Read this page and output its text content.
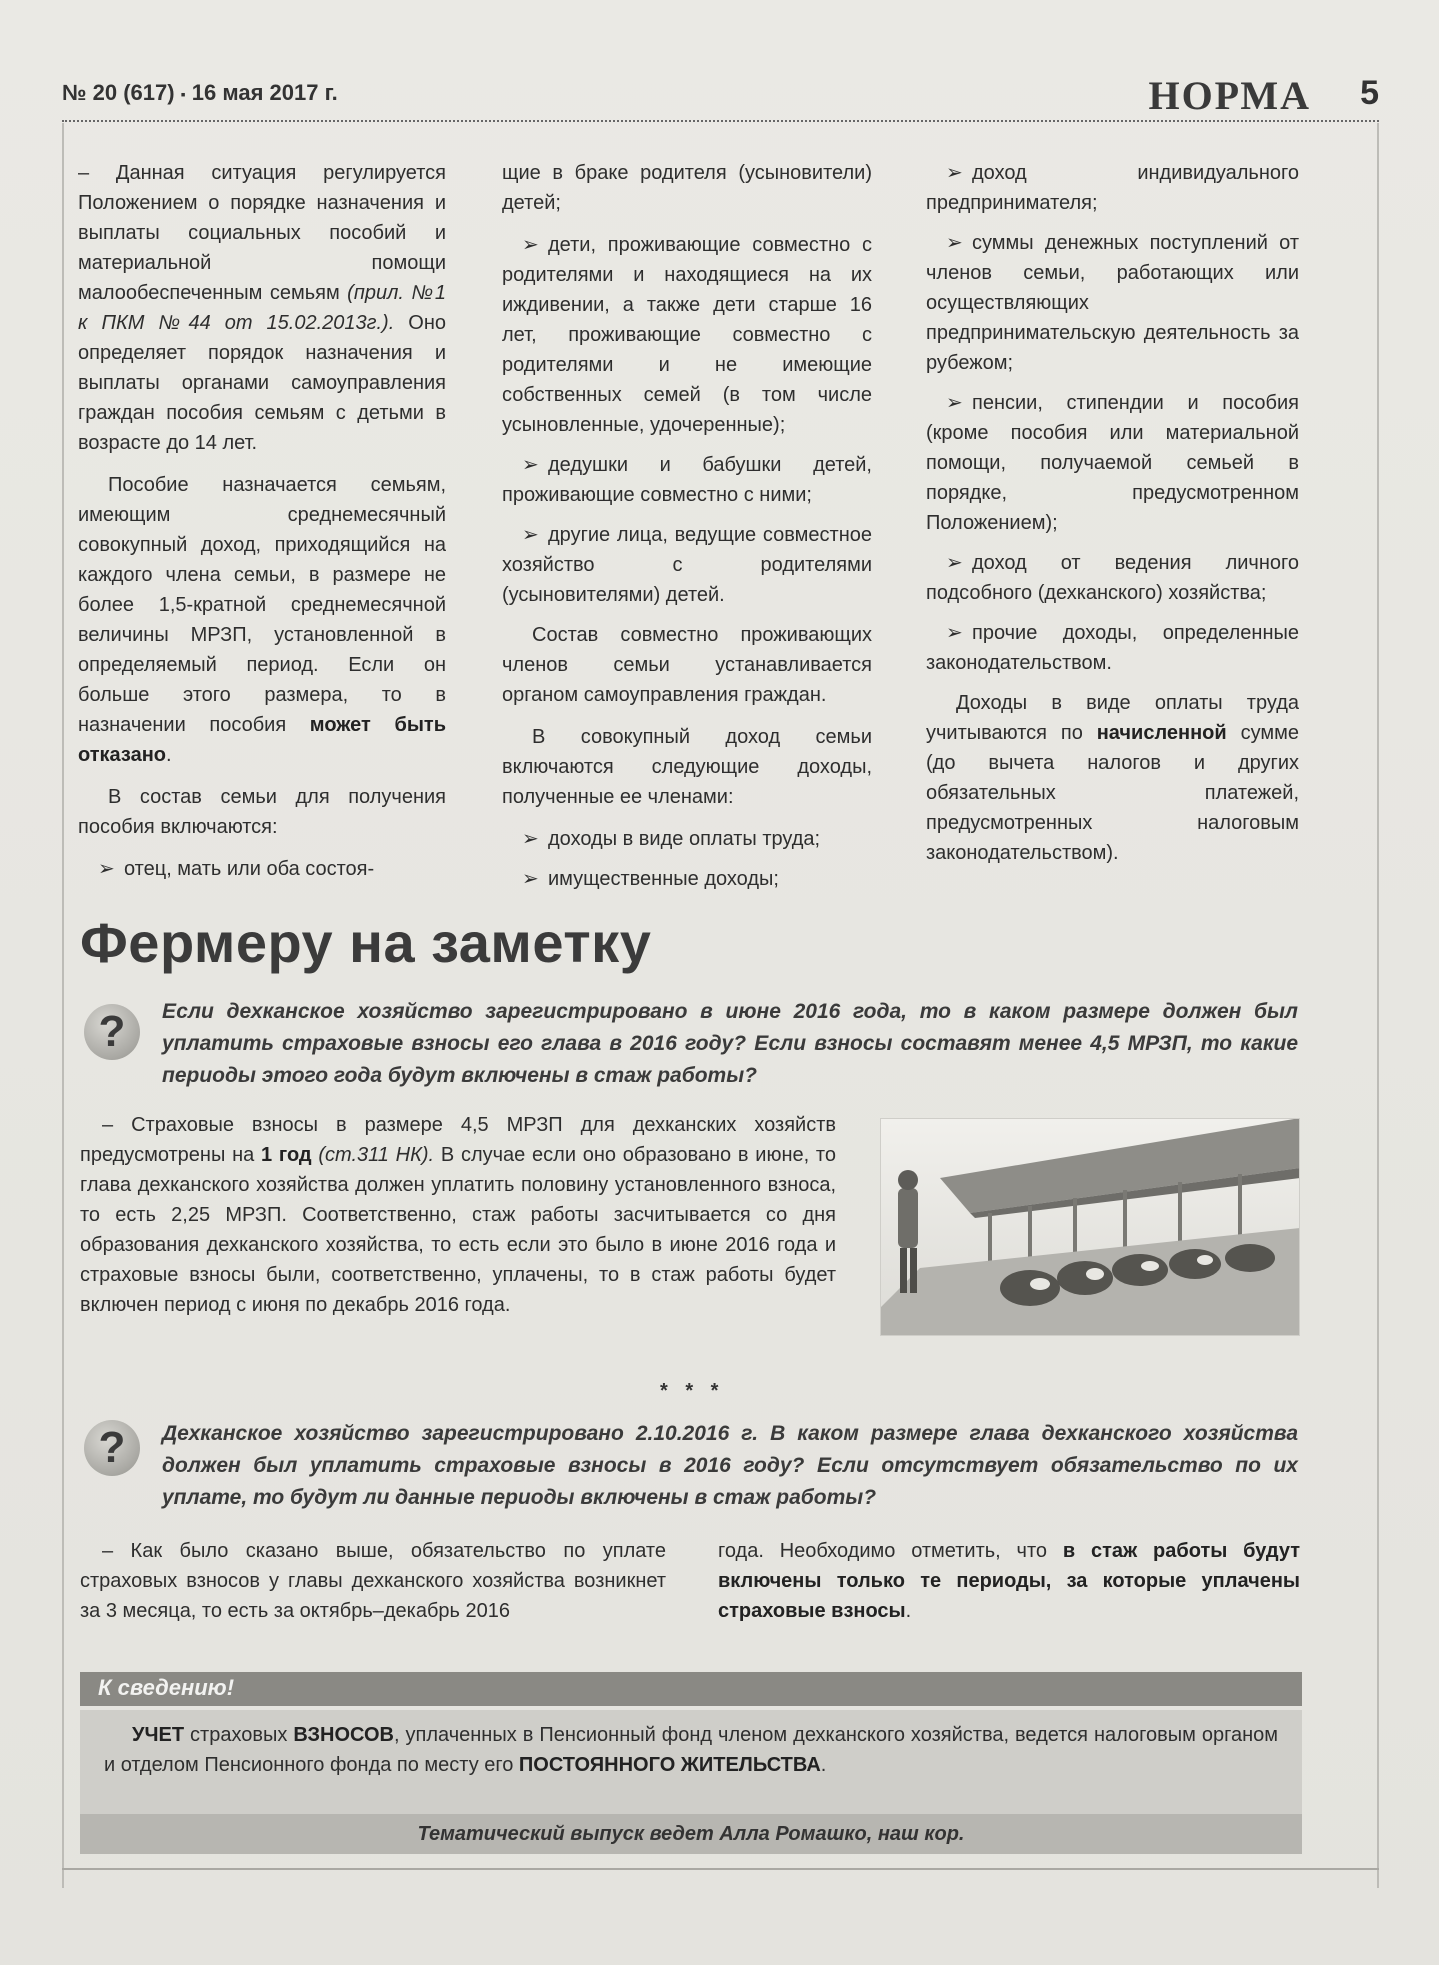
№ 20 (617) ▪ 16 мая 2017 г.	НОРМА 5

– Данная ситуация регулируется Положением о порядке назначения и выплаты социальных пособий и материальной помощи малообеспеченным семьям (прил. №1 к ПКМ №44 от 15.02.2013г.). Оно определяет порядок назначения и выплаты органами самоуправления граждан пособия семьям с детьми в возрасте до 14 лет.

Пособие назначается семьям, имеющим среднемесячный совокупный доход, приходящийся на каждого члена семьи, в размере не более 1,5-кратной среднемесячной величины МРЗП, установленной в определяемый период. Если он больше этого размера, то в назначении пособия может быть отказано.

В состав семьи для получения пособия включаются:

➢ отец, мать или оба состоя-

щие в браке родителя (усыновители) детей;

➢ дети, проживающие совместно с родителями и находящиеся на их иждивении, а также дети старше 16 лет, проживающие совместно с родителями и не имеющие собственных семей (в том числе усыновленные, удочеренные);

➢ дедушки и бабушки детей, проживающие совместно с ними;

➢ другие лица, ведущие совместное хозяйство с родителями (усыновителями) детей.

Состав совместно проживающих членов семьи устанавливается органом самоуправления граждан.

В совокупный доход семьи включаются следующие доходы, полученные ее членами:

➢ доходы в виде оплаты труда;

➢ имущественные доходы;

➢ доход индивидуального предпринимателя;

➢ суммы денежных поступлений от членов семьи, работающих или осуществляющих предпринимательскую деятельность за рубежом;

➢ пенсии, стипендии и пособия (кроме пособия или материальной помощи, получаемой семьей в порядке, предусмотренном Положением);

➢ доход от ведения личного подсобного (дехканского) хозяйства;

➢ прочие доходы, определенные законодательством.

Доходы в виде оплаты труда учитываются по начисленной сумме (до вычета налогов и других обязательных платежей, предусмотренных налоговым законодательством).

Фермеру на заметку
?	Если дехканское хозяйство зарегистрировано в июне 2016 года, то в каком размере должен был уплатить страховые взносы его глава в 2016 году? Если взносы составят менее 4,5 МРЗП, то какие периоды этого года будут включены в стаж работы?

– Страховые взносы в размере 4,5 МРЗП для дехканских хозяйств предусмотрены на 1 год (ст.311 НК). В случае если оно образовано в июне, то глава дехканского хозяйства должен уплатить половину установленного взноса, то есть 2,25 МРЗП. Соответственно, стаж работы засчитывается со дня образования дехканского хозяйства, то есть если это было в июне 2016 года и страховые взносы были, соответственно, уплачены, то в стаж работы будет включен период с июня по декабрь 2016 года.

* * *
?	Дехканское хозяйство зарегистрировано 2.10.2016 г. В каком размере глава дехканского хозяйства должен был уплатить страховые взносы в 2016 году? Если отсутствует обязательство по их уплате, то будут ли данные периоды включены в стаж работы?

– Как было сказано выше, обязательство по уплате страховых взносов у главы дехканского хозяйства возникнет за 3 месяца, то есть за октябрь–декабрь 2016

года. Необходимо отметить, что в стаж работы будут включены только те периоды, за которые уплачены страховые взносы.

К сведению!

УЧЕТ страховых ВЗНОСОВ, уплаченных в Пенсионный фонд членом дехканского хозяйства, ведется налоговым органом и отделом Пенсионного фонда по месту его ПОСТОЯННОГО ЖИТЕЛЬСТВА.

Тематический выпуск ведет Алла Ромашко, наш кор.
